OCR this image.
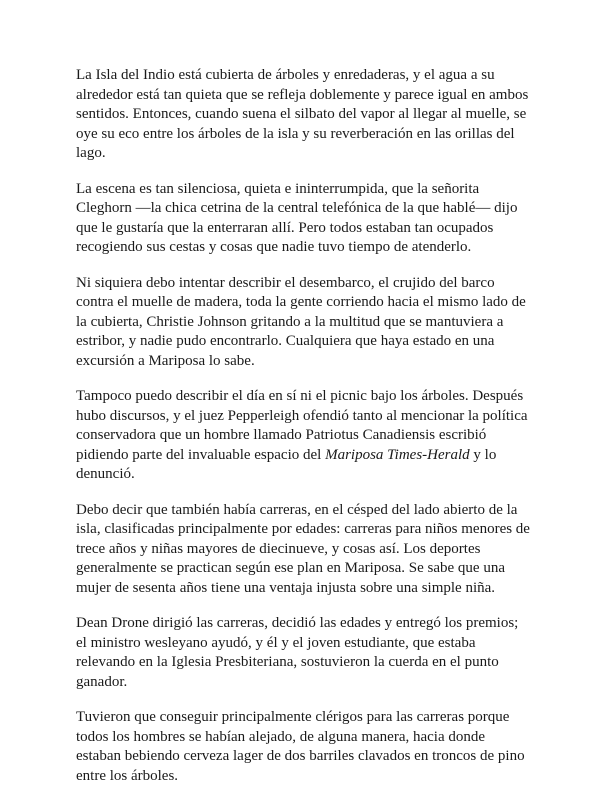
La Isla del Indio está cubierta de árboles y enredaderas, y el agua a su alrededor está tan quieta que se refleja doblemente y parece igual en ambos sentidos. Entonces, cuando suena el silbato del vapor al llegar al muelle, se oye su eco entre los árboles de la isla y su reverberación en las orillas del lago.

La escena es tan silenciosa, quieta e ininterrumpida, que la señorita Cleghorn —la chica cetrina de la central telefónica de la que hablé— dijo que le gustaría que la enterraran allí. Pero todos estaban tan ocupados recogiendo sus cestas y cosas que nadie tuvo tiempo de atenderlo.

Ni siquiera debo intentar describir el desembarco, el crujido del barco contra el muelle de madera, toda la gente corriendo hacia el mismo lado de la cubierta, Christie Johnson gritando a la multitud que se mantuviera a estribor, y nadie pudo encontrarlo. Cualquiera que haya estado en una excursión a Mariposa lo sabe.

Tampoco puedo describir el día en sí ni el picnic bajo los árboles. Después hubo discursos, y el juez Pepperleigh ofendió tanto al mencionar la política conservadora que un hombre llamado Patriotus Canadiensis escribió pidiendo parte del invaluable espacio del Mariposa Times-Herald y lo denunció.

Debo decir que también había carreras, en el césped del lado abierto de la isla, clasificadas principalmente por edades: carreras para niños menores de trece años y niñas mayores de diecinueve, y cosas así. Los deportes generalmente se practican según ese plan en Mariposa. Se sabe que una mujer de sesenta años tiene una ventaja injusta sobre una simple niña.

Dean Drone dirigió las carreras, decidió las edades y entregó los premios; el ministro wesleyano ayudó, y él y el joven estudiante, que estaba relevando en la Iglesia Presbiteriana, sostuvieron la cuerda en el punto ganador.

Tuvieron que conseguir principalmente clérigos para las carreras porque todos los hombres se habían alejado, de alguna manera, hacia donde estaban bebiendo cerveza lager de dos barriles clavados en troncos de pino entre los árboles.
